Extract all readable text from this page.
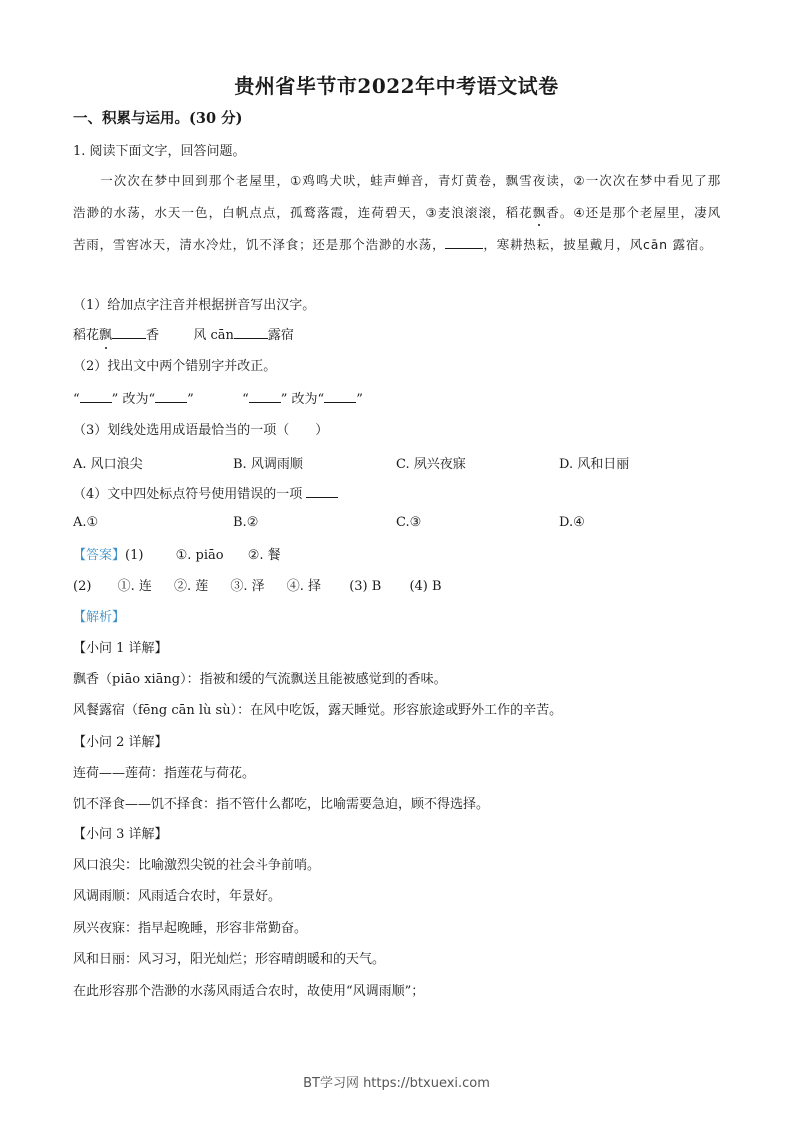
贵州省毕节市2022年中考语文试卷
一、积累与运用。(30 分)
1. 阅读下面文字，回答问题。
一次次在梦中回到那个老屋里，①鸡鸣犬吠，蛙声蝉音，青灯黄卷，飘雪夜读，②一次次在梦中看见了那浩渺的水荡，水天一色，白帆点点，孤鹜落霞，连荷碧天，③麦浪滚滚，稻花飘香。④还是那个老屋里，凄风苦雨，雪窖冰天，清水冷灶，饥不泽食；还是那个浩渺的水荡，	，寒耕热耘，披星戴月，风cān 露宿。
（1）给加点字注音并根据拼音写出汉字。
稻花飘	香	风 cān	露宿
（2）找出文中两个错别字并改正。
“ ” 改为“ ”	“ ” 改为“ ”
（3）划线处选用成语最恰当的一项（　　）
A. 风口浪尖	B. 风调雨顺	C. 夙兴夜寐	D. 风和日丽
（4）文中四处标点符号使用错误的一项
A.①	B.②	C.③	D.④
【答案】(1) ①. piāo ②. 餐
(2) ①. 连 ②. 莲 ③. 泽 ④. 择 (3) B (4) B
【解析】
【小问 1 详解】
飘香（piāo xiāng）：指被和缓的气流飘送且能被感觉到的香味。
风餐露宿（fēng cān lù sù）：在风中吃饭，露天睡觉。形容旅途或野外工作的辛苦。
【小问 2 详解】
连荷——莲荷：指莲花与荷花。
饥不泽食——饥不择食：指不管什么都吃，比喻需要急迫，顾不得选择。
【小问 3 详解】
风口浪尖：比喻激烈尖锐的社会斗争前哨。
风调雨顺：风雨适合农时，年景好。
夙兴夜寐：指早起晚睡，形容非常勤奋。
风和日丽：风习习，阳光灿烂；形容晴朗暖和的天气。
在此形容那个浩渺的水荡风雨适合农时，故使用“风调雨顺”；
BT学习网 https://btxuexi.com
